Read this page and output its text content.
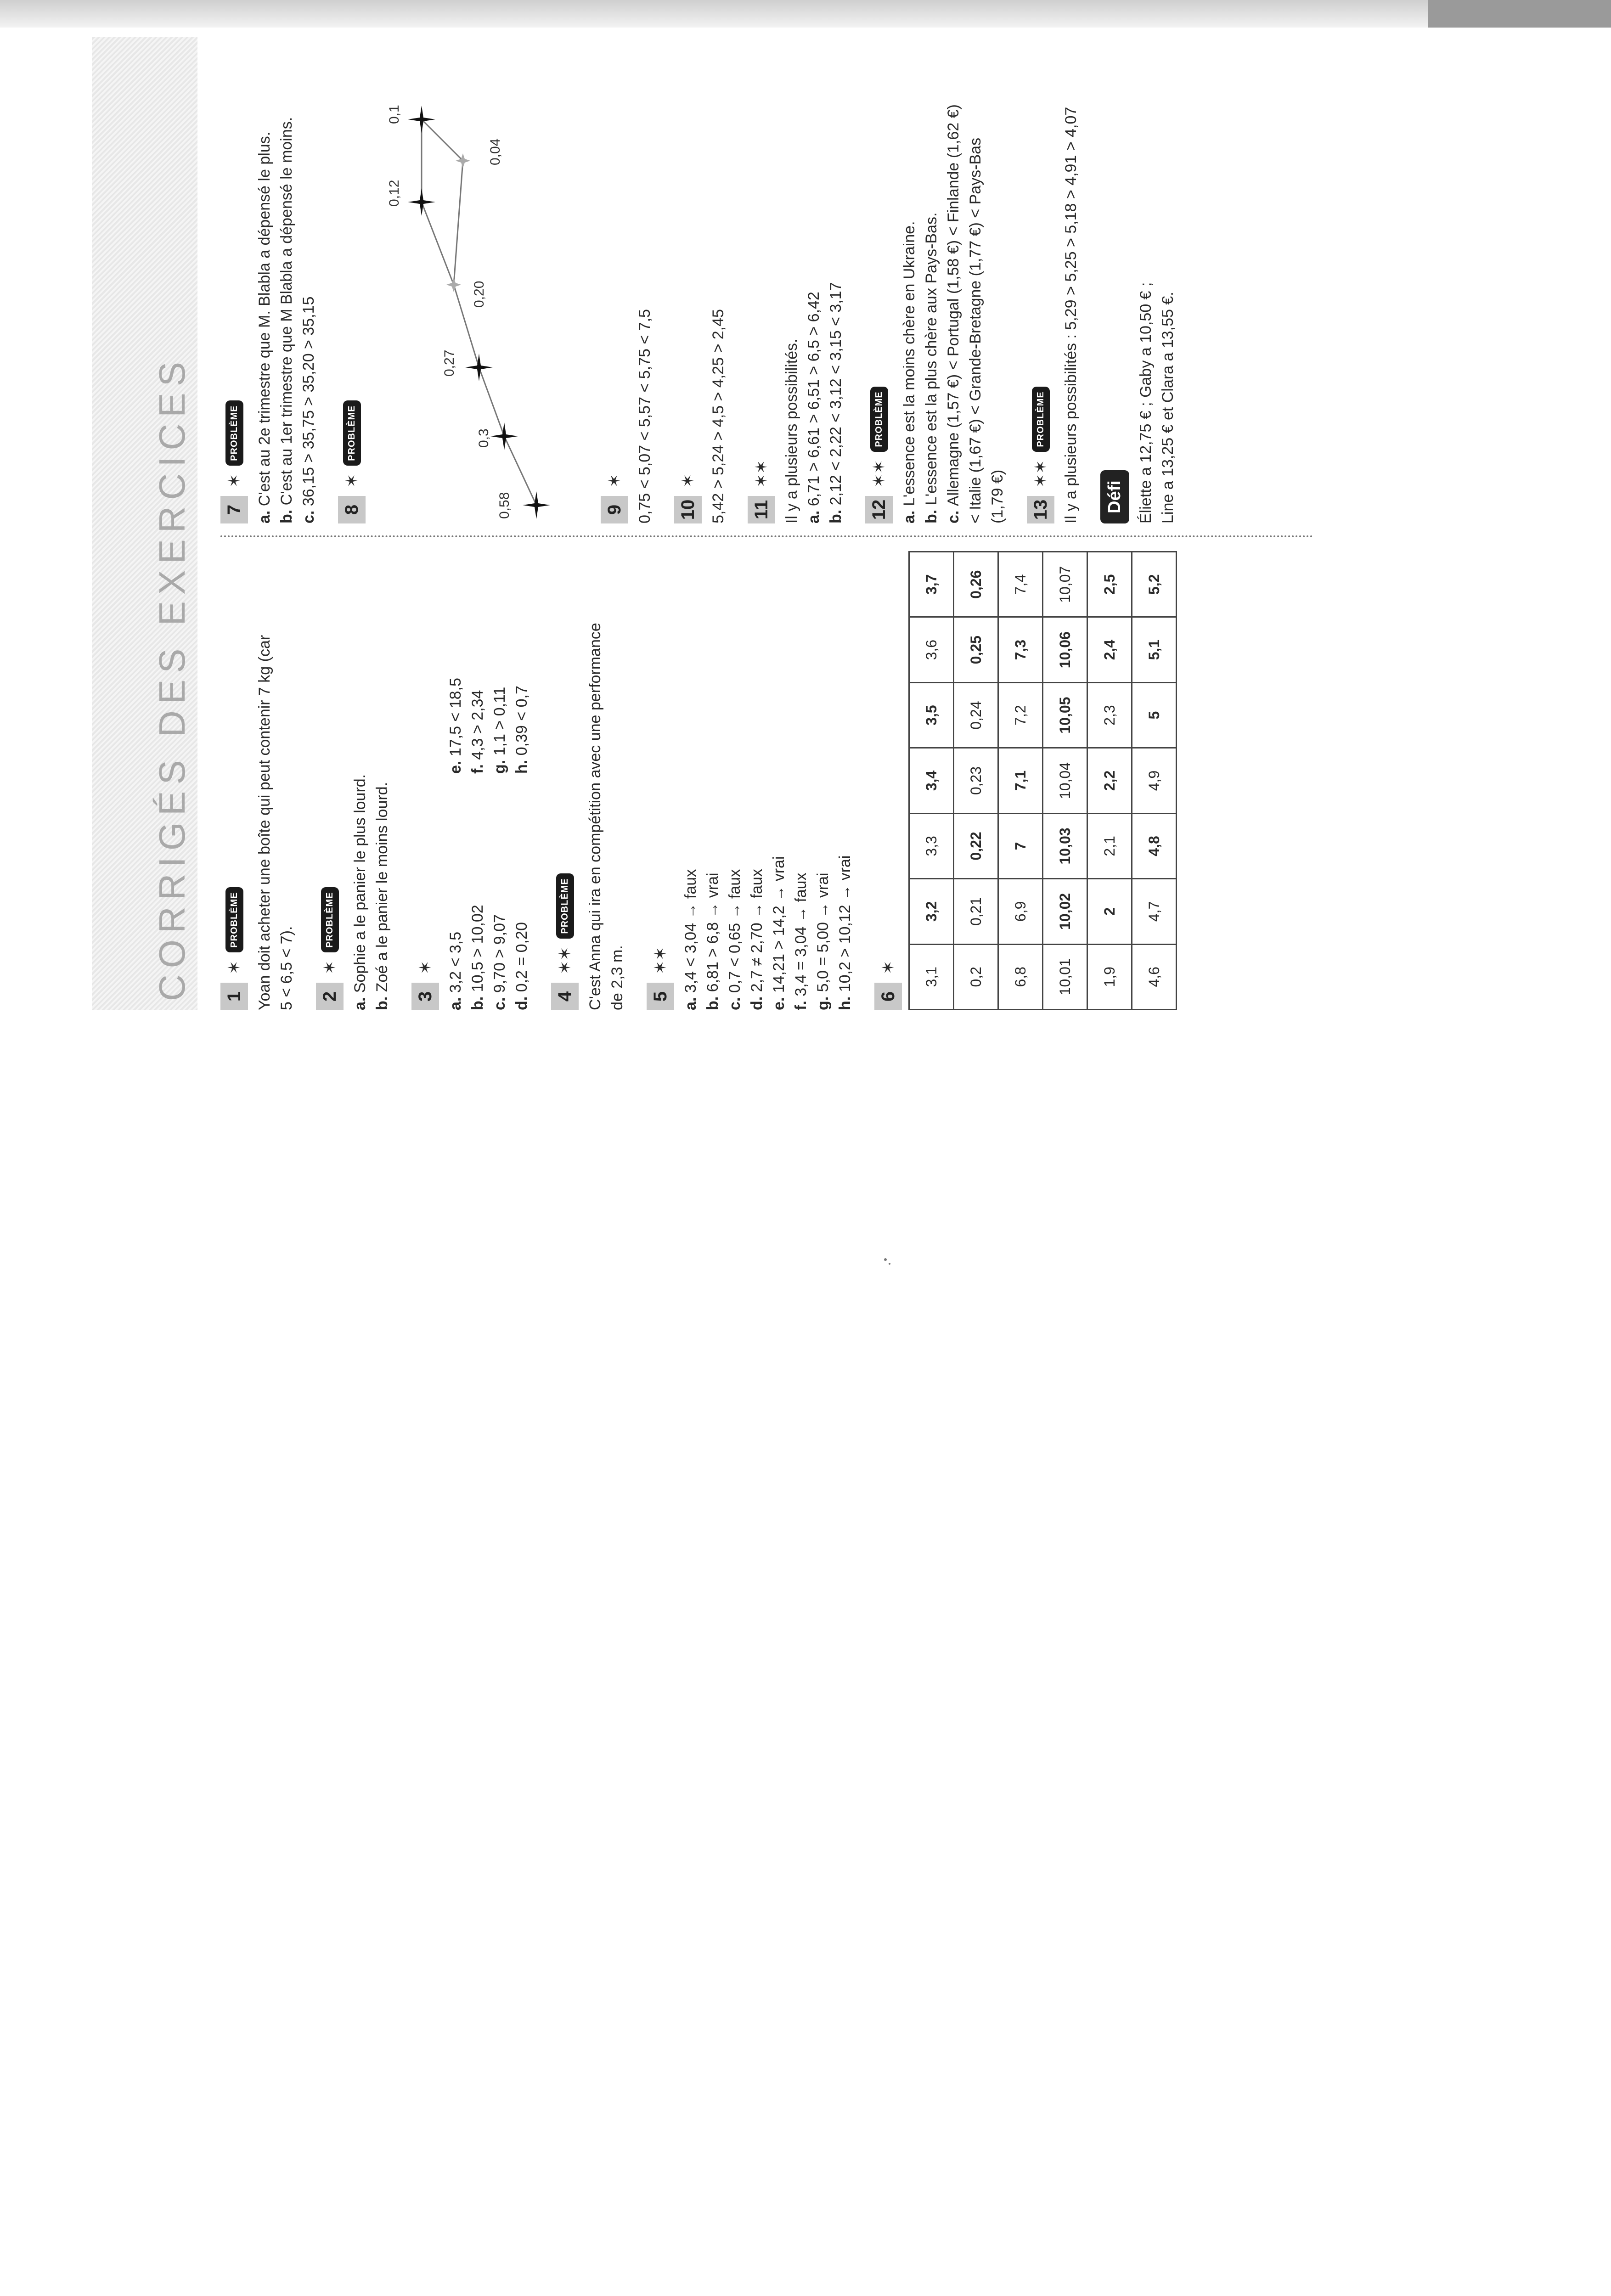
CORRIGÉS DES EXERCICES 1
✶
PROBLÈME Yoan doit acheter une boîte qui peut contenir 7 kg (car 5 < 6,5 < 7). 2
✶
PROBLÈME

a. Sophie a le panier le plus lourd.

b. Zoé a le panier le moins lourd.

3
✶

a. 3,2 < 3,5

e. 17,5 < 18,5

b. 10,5 > 10,02

f. 4,3 > 2,34

c. 9,70 > 9,07

g. 1,1 > 0,11

d. 0,2 = 0,20

h. 0,39 < 0,7

4
✶✶
PROBLÈME C'est Anna qui ira en compétition avec une performance de 2,3 m. 5
✶✶

a. 3,4 < 3,04 → faux

b. 6,81 > 6,8 → vrai

c. 0,7 < 0,65 → faux

d. 2,7 ≠ 2,70 → faux

e. 14,21 > 14,2 → vrai

f. 3,4 = 3,04 → faux

g. 5,0 = 5,00 → vrai

h. 10,2 > 10,12 → vrai

6
✶ 3,1	3,2	3,3	3,4	3,5	3,6	3,7
0,2	0,21	0,22	0,23	0,24	0,25	0,26
6,8	6,9	7	7,1	7,2	7,3	7,4
10,01	10,02	10,03	10,04	10,05	10,06	10,07
1,9	2	2,1	2,2	2,3	2,4	2,5
4,6	4,7	4,8	4,9	5	5,1	5,2
7
✶
PROBLÈME

a. C'est au 2e trimestre que M. Blabla a dépensé le plus.

b. C'est au 1er trimestre que M Blabla a dépensé le moins.

c. 36,15 > 35,75 > 35,20 > 35,15

8
✶
PROBLÈME
0,58
0,3
0,27
0,20
0,12
0,1
0,04
9
✶ 0,75 < 5,07 < 5,57 < 5,75 < 7,5 10
✶ 5,42 > 5,24 > 4,5 > 4,25 > 2,45 11
✶✶ Il y a plusieurs possibilités. a. 6,71 > 6,61 > 6,51 > 6,5 > 6,42

b. 2,12 < 2,22 < 3,12 < 3,15 < 3,17

12
✶✶
PROBLÈME

a. L'essence est la moins chère en Ukraine.

b. L'essence est la plus chère aux Pays-Bas.

c. Allemagne (1,57 €) < Portugal (1,58 €) < Finlande (1,62 €) < Italie (1,67 €) < Grande-Bretagne (1,77 €) < Pays-Bas (1,79 €) 13
✶✶
PROBLÈME Il y a plusieurs possibilités : 5,29 > 5,25 > 5,18 > 4,91 > 4,07 Défi Éliette a 12,75 € ; Gaby a 10,50 € ; Line a 13,25 € et Clara a 13,55 €.
